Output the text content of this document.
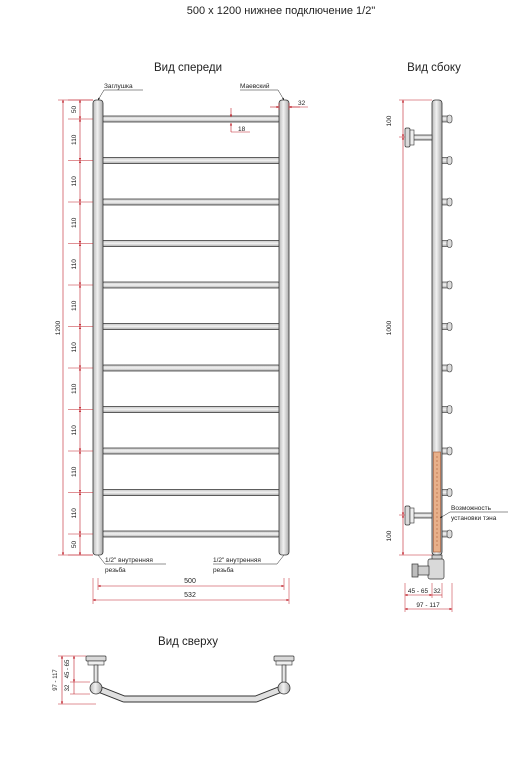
500 х 1200 нижнее подключение 1/2"
Вид спереди
Заглушка	Маевский
32
18
50
110
110
110
110
110
110
110
110
110
110
50
1200
1/2" внутренняя
резьба
1/2" внутренняя
резьба
500
532
Вид сбоку
Возможность
установки тэна
100
1000
100
45 - 65 32
97 - 117
Вид сверху
97 - 117
45 - 65
32
